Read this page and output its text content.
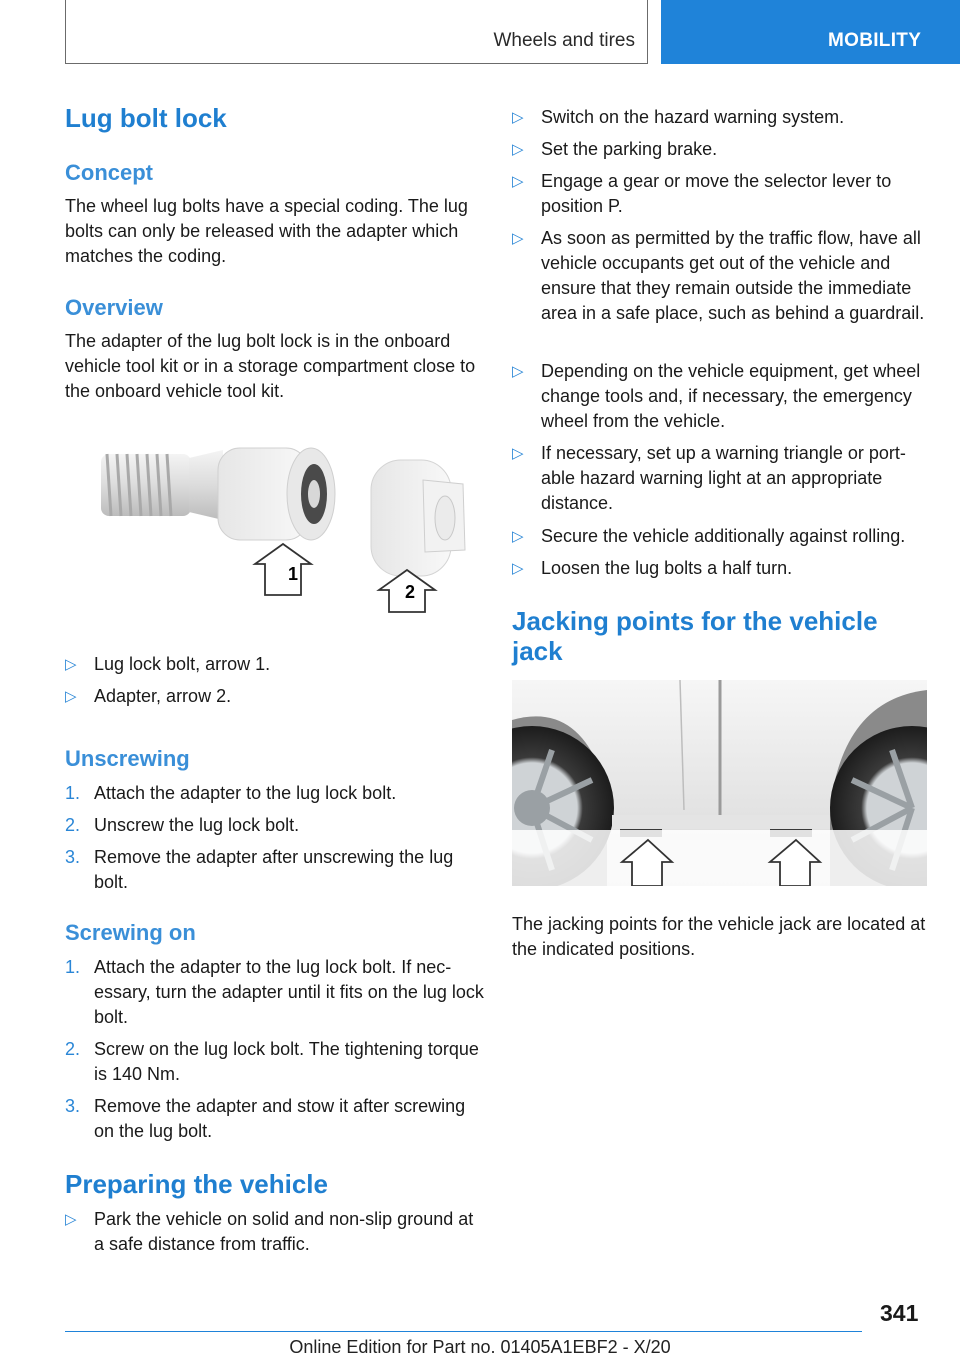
Wheels and tires	MOBILITY
Lug bolt lock
Concept

The wheel lug bolts have a special coding. The lug bolts can only be released with the adapter which matches the coding.

Overview

The adapter of the lug bolt lock is in the onboard vehicle tool kit or in a storage compartment close to the onboard vehicle tool kit.

1
2
▷ Lug lock bolt, arrow 1.
▷ Adapter, arrow 2.
Unscrewing
1. Attach the adapter to the lug lock bolt.
2. Unscrew the lug lock bolt.
3. Remove the adapter after unscrewing the lug bolt.
Screwing on
1. Attach the adapter to the lug lock bolt. If necessary, turn the adapter until it fits on the lug lock bolt.
2. Screw on the lug lock bolt. The tightening torque is 140 Nm.
3. Remove the adapter and stow it after screwing on the lug bolt.
Preparing the vehicle
▷ Park the vehicle on solid and non-slip ground at a safe distance from traffic.
▷ Switch on the hazard warning system.
▷ Set the parking brake.
▷ Engage a gear or move the selector lever to position P.
▷ As soon as permitted by the traffic flow, have all vehicle occupants get out of the vehicle and ensure that they remain outside the immediate area in a safe place, such as behind a guardrail.
▷ Depending on the vehicle equipment, get wheel change tools and, if necessary, the emergency wheel from the vehicle.
▷ If necessary, set up a warning triangle or portable hazard warning light at an appropriate distance.
▷ Secure the vehicle additionally against rolling.
▷ Loosen the lug bolts a half turn.
Jacking points for the vehicle jack

The jacking points for the vehicle jack are located at the indicated positions.

341
Online Edition for Part no. 01405A1EBF2 - X/20
